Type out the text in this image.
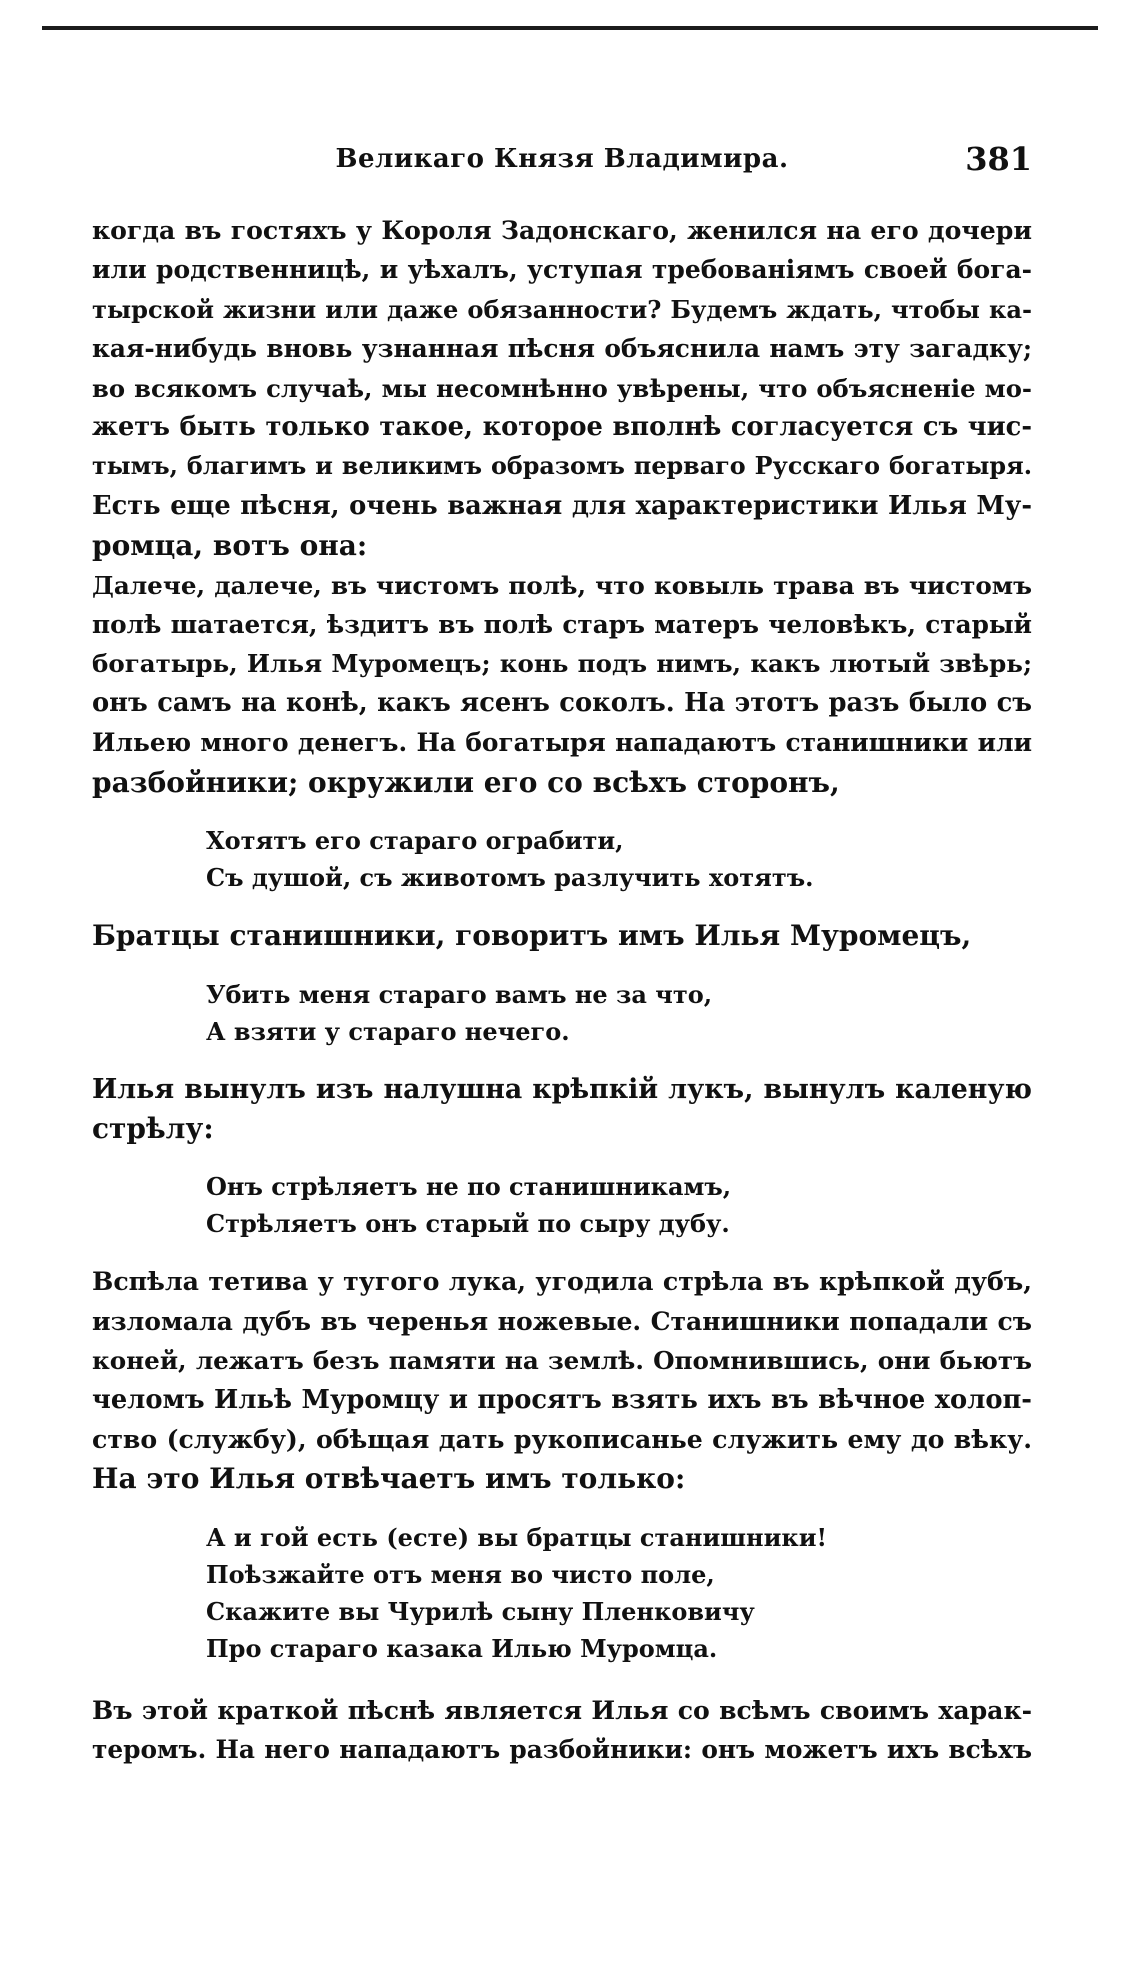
Великаго Князя Владимира.	381
когда въ гостяхъ у Короля Задонскаго, женился на его дочери
или родственницѣ, и уѣхалъ, уступая требованіямъ своей бога-
тырской жизни или даже обязанности? Будемъ ждать, чтобы ка-
кая-нибудь вновь узнанная пѣсня объяснила намъ эту загадку;
во всякомъ случаѣ, мы несомнѣнно увѣрены, что объясненіе мо-
жетъ быть только такое, которое вполнѣ согласуется съ чис-
тымъ, благимъ и великимъ образомъ перваго Русскаго богатыря.
Есть еще пѣсня, очень важная для характеристики Илья Му-
ромца, вотъ она:
Далече, далече, въ чистомъ полѣ, что ковыль трава въ чистомъ
полѣ шатается, ѣздитъ въ полѣ старъ матеръ человѣкъ, старый
богатырь, Илья Муромецъ; конь подъ нимъ, какъ лютый звѣрь;
онъ самъ на конѣ, какъ ясенъ соколъ. На этотъ разъ было съ
Ильею много денегъ. На богатыря нападаютъ станишники или
разбойники; окружили его со всѣхъ сторонъ,
Хотятъ его стараго ограбити,
Съ душой, съ животомъ разлучить хотятъ.
Братцы станишники, говоритъ имъ Илья Муромецъ,
Убить меня стараго вамъ не за что,
А взяти у стараго нечего.
Илья вынулъ изъ налушна крѣпкій лукъ, вынулъ каленую
стрѣлу:
Онъ стрѣляетъ не по станишникамъ,
Стрѣляетъ онъ старый по сыру дубу.
Вспѣла тетива у тугого лука, угодила стрѣла въ крѣпкой дубъ,
изломала дубъ въ черенья ножевые. Станишники попадали съ
коней, лежатъ безъ памяти на землѣ. Опомнившись, они бьютъ
челомъ Ильѣ Муромцу и просятъ взять ихъ въ вѣчное холоп-
ство (службу), обѣщая дать рукописанье служить ему до вѣку.
На это Илья отвѣчаетъ имъ только:
А и гой есть (есте) вы братцы станишники!
Поѣзжайте отъ меня во чисто поле,
Скажите вы Чурилѣ сыну Пленковичу
Про стараго казака Илью Муромца.
Въ этой краткой пѣснѣ является Илья со всѣмъ своимъ харак-
теромъ. На него нападаютъ разбойники: онъ можетъ ихъ всѣхъ
